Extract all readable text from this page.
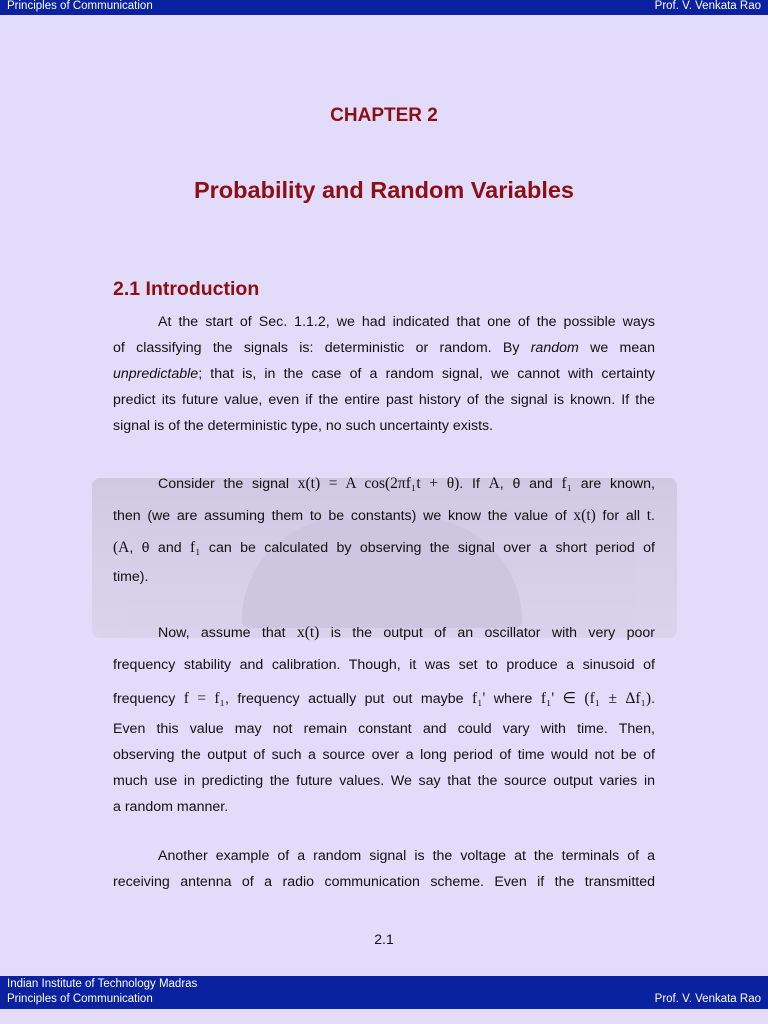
Principles of Communication	Prof. V. Venkata Rao
CHAPTER 2
Probability and Random Variables
2.1 Introduction
At the start of Sec. 1.1.2, we had indicated that one of the possible ways
of classifying the signals is: deterministic or random. By random we mean
unpredictable; that is, in the case of a random signal, we cannot with certainty
predict its future value, even if the entire past history of the signal is known. If the
signal is of the deterministic type, no such uncertainty exists.
Consider the signal x(t) = A cos(2πf₁t + θ). If A, θ and f₁ are known,
then (we are assuming them to be constants) we know the value of x(t) for all t.
(A, θ and f₁ can be calculated by observing the signal over a short period of
time).
Now, assume that x(t) is the output of an oscillator with very poor
frequency stability and calibration. Though, it was set to produce a sinusoid of
frequency f = f₁, frequency actually put out maybe f₁' where f₁' ∈ (f₁ ± Δf₁).
Even this value may not remain constant and could vary with time. Then,
observing the output of such a source over a long period of time would not be of
much use in predicting the future values. We say that the source output varies in
a random manner.
Another example of a random signal is the voltage at the terminals of a
receiving antenna of a radio communication scheme. Even if the transmitted
2.1
Indian Institute of Technology Madras
Principles of Communication	Prof. V. Venkata Rao
